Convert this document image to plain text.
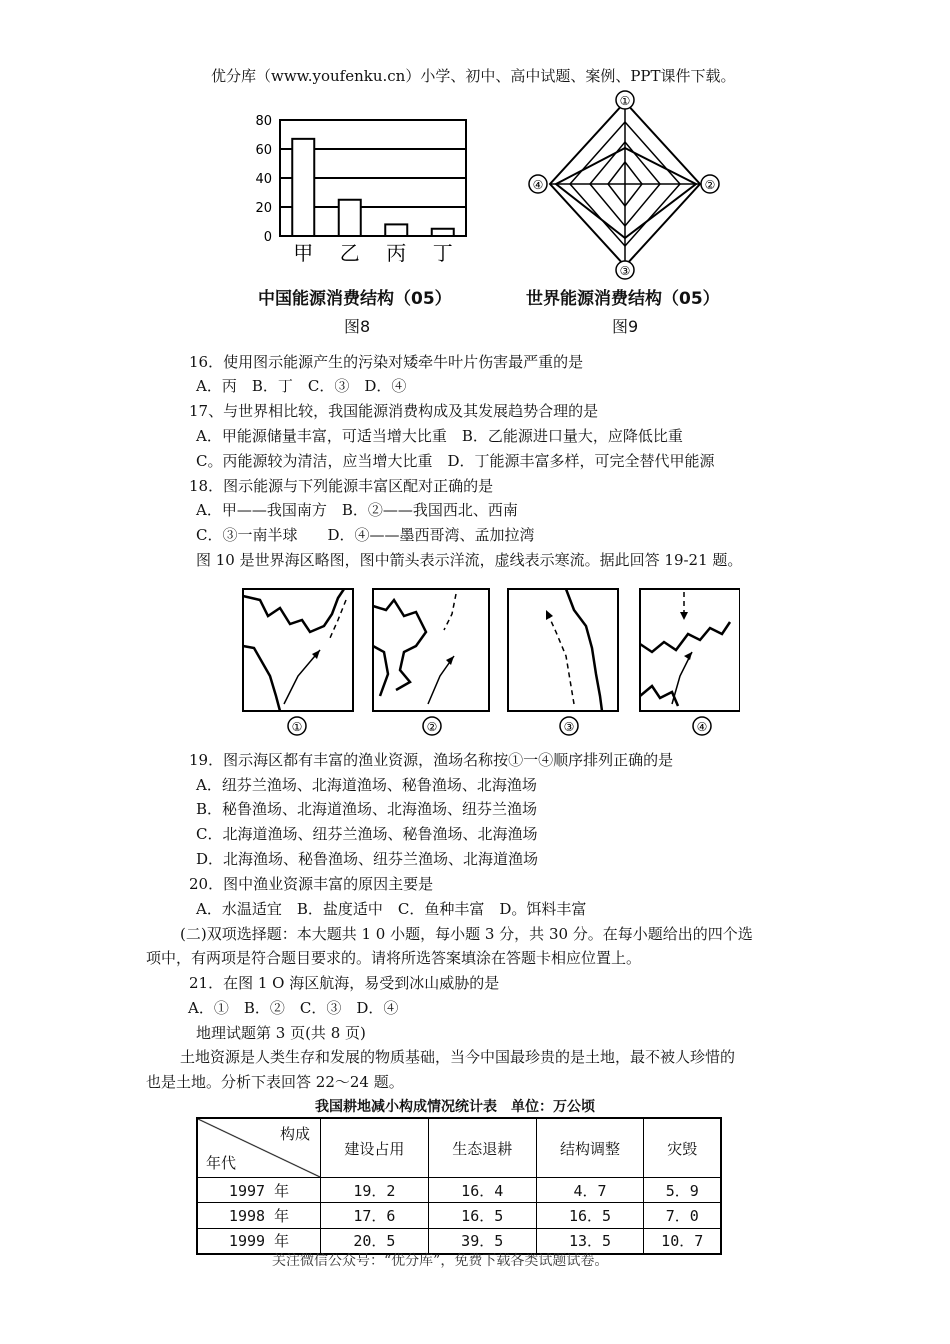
优分库（www.youfenku.cn）小学、初中、高中试题、案例、PPT课件下载。
80
60
40
20
0
甲 乙 丙 丁
中国能源消费结构（05）
图8
①
②
③
④
世界能源消费结构（05）
图9
16．使用图示能源产生的污染对矮牵牛叶片伤害最严重的是
A．丙　B．丁　C．③　D．④
17、与世界相比较，我国能源消费构成及其发展趋势合理的是
A．甲能源储量丰富，可适当增大比重　B．乙能源进口量大，应降低比重
C。丙能源较为清洁，应当增大比重　D．丁能源丰富多样，可完全替代甲能源
18．图示能源与下列能源丰富区配对正确的是
A．甲——我国南方　B．②——我国西北、西南
C．③一南半球　　D．④——墨西哥湾、孟加拉湾
图 10 是世界海区略图，图中箭头表示洋流，虚线表示寒流。据此回答 19-21 题。
①	②	③	④
19．图示海区都有丰富的渔业资源，渔场名称按①一④顺序排列正确的是
A．纽芬兰渔场、北海道渔场、秘鲁渔场、北海渔场
B．秘鲁渔场、北海道渔场、北海渔场、纽芬兰渔场
C．北海道渔场、纽芬兰渔场、秘鲁渔场、北海渔场
D．北海渔场、秘鲁渔场、纽芬兰渔场、北海道渔场
20．图中渔业资源丰富的原因主要是
A．水温适宜　B．盐度适中　C．鱼种丰富　D。饵料丰富
(二)双项选择题：本大题共 1 0 小题，每小题 3 分，共 30 分。在每小题给出的四个选
项中，有两项是符合题目要求的。请将所选答案填涂在答题卡相应位置上。
21．在图 1 O 海区航海，易受到冰山威胁的是
A．①　B．②　C．③　D．④
地理试题第 3 页(共 8 页)
土地资源是人类生存和发展的物质基础，当今中国最珍贵的是土地，最不被人珍惜的
也是土地。分析下表回答 22～24 题。
我国耕地减小构成情况统计表　单位：万公顷
构成
年代	建设占用	生态退耕	结构调整	灾毁
1997 年	19．2	16．4	4．7	5．9
1998 年	17．6	16．5	16．5	7．0
1999 年	20．5	39．5	13．5	10．7
关注微信公众号：“优分库”，免费下载各类试题试卷。
